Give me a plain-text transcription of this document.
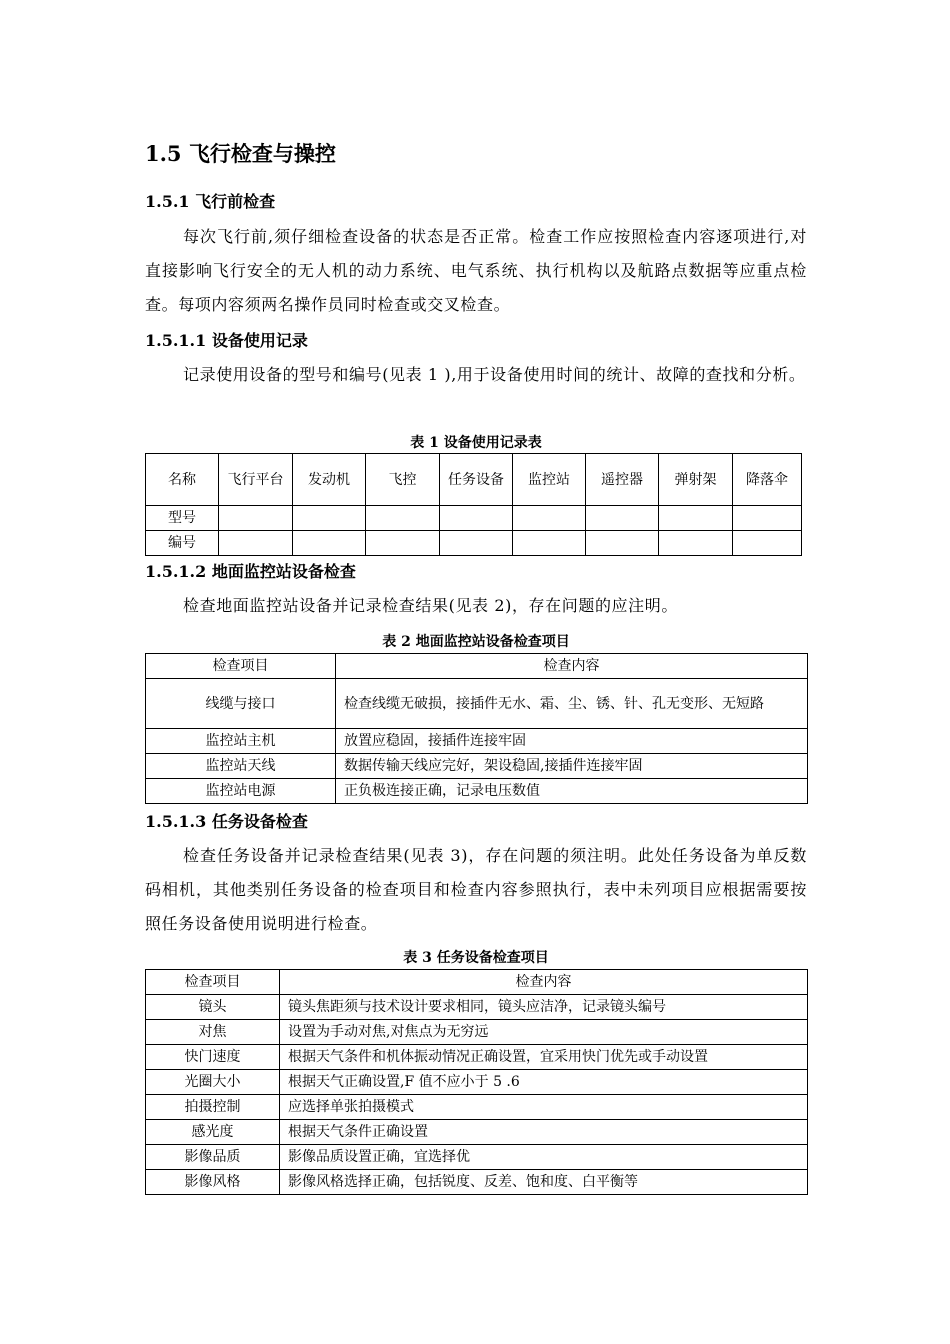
1.5 飞行检查与操控
1.5.1 飞行前检查
每次飞行前,须仔细检查设备的状态是否正常。检查工作应按照检查内容逐项进行,对直接影响飞行安全的无人机的动力系统、电气系统、执行机构以及航路点数据等应重点检查。每项内容须两名操作员同时检查或交叉检查。
1.5.1.1 设备使用记录
记录使用设备的型号和编号(见表 1 ),用于设备使用时间的统计、故障的查找和分析。
表 1 设备使用记录表
名称	飞行平台	发动机	飞控	任务设备	监控站	遥控器	弹射架	降落伞
型号								
编号								
1.5.1.2 地面监控站设备检查
检查地面监控站设备并记录检查结果(见表 2)，存在问题的应注明。
表 2 地面监控站设备检查项目
检查项目	检查内容
线缆与接口	检查线缆无破损，接插件无水、霜、尘、锈、针、孔无变形、无短路
监控站主机	放置应稳固，接插件连接牢固
监控站天线	数据传输天线应完好，架设稳固,接插件连接牢固
监控站电源	正负极连接正确，记录电压数值
1.5.1.3 任务设备检查
检查任务设备并记录检查结果(见表 3)，存在问题的须注明。此处任务设备为单反数码相机，其他类别任务设备的检查项目和检查内容参照执行，表中未列项目应根据需要按照任务设备使用说明进行检查。
表 3 任务设备检查项目
检查项目	检查内容
镜头	镜头焦距须与技术设计要求相同，镜头应洁净，记录镜头编号
对焦	设置为手动对焦,对焦点为无穷远
快门速度	根据天气条件和机体振动情况正确设置，宜采用快门优先或手动设置
光圈大小	根据天气正确设置,F 值不应小于 5 .6
拍摄控制	应选择单张拍摄模式
感光度	根据天气条件正确设置
影像品质	影像品质设置正确，宜选择优
影像风格	影像风格选择正确，包括锐度、反差、饱和度、白平衡等
